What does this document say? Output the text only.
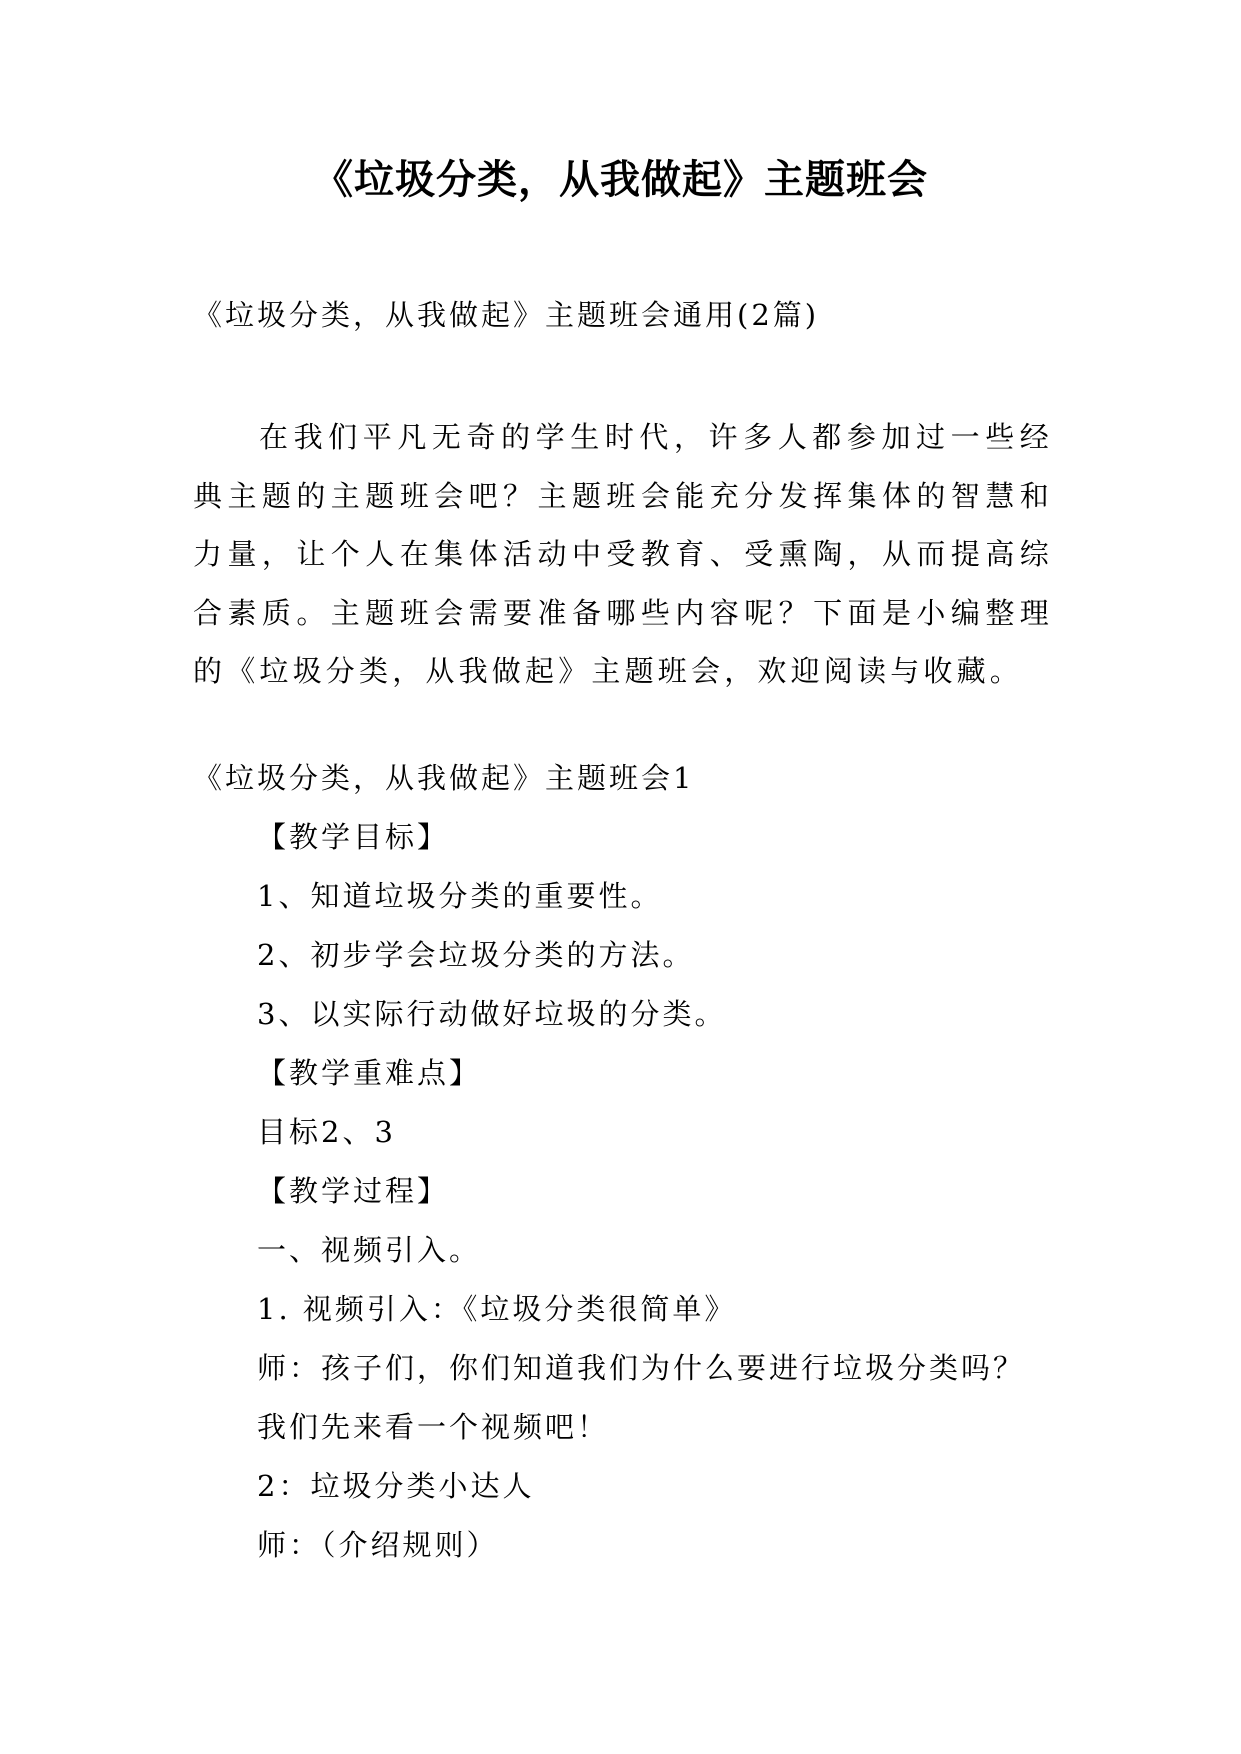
《垃圾分类，从我做起》主题班会
《垃圾分类，从我做起》主题班会通用(2篇)
在我们平凡无奇的学生时代，许多人都参加过一些经典主题的主题班会吧？主题班会能充分发挥集体的智慧和力量，让个人在集体活动中受教育、受熏陶，从而提高综合素质。主题班会需要准备哪些内容呢？下面是小编整理的《垃圾分类，从我做起》主题班会，欢迎阅读与收藏。
《垃圾分类，从我做起》主题班会1
【教学目标】
1、知道垃圾分类的重要性。
2、初步学会垃圾分类的方法。
3、以实际行动做好垃圾的分类。
【教学重难点】
目标2、3
【教学过程】
一、视频引入。
1. 视频引入：《垃圾分类很简单》
师：孩子们，你们知道我们为什么要进行垃圾分类吗？
我们先来看一个视频吧！
2：垃圾分类小达人
师：（介绍规则）
